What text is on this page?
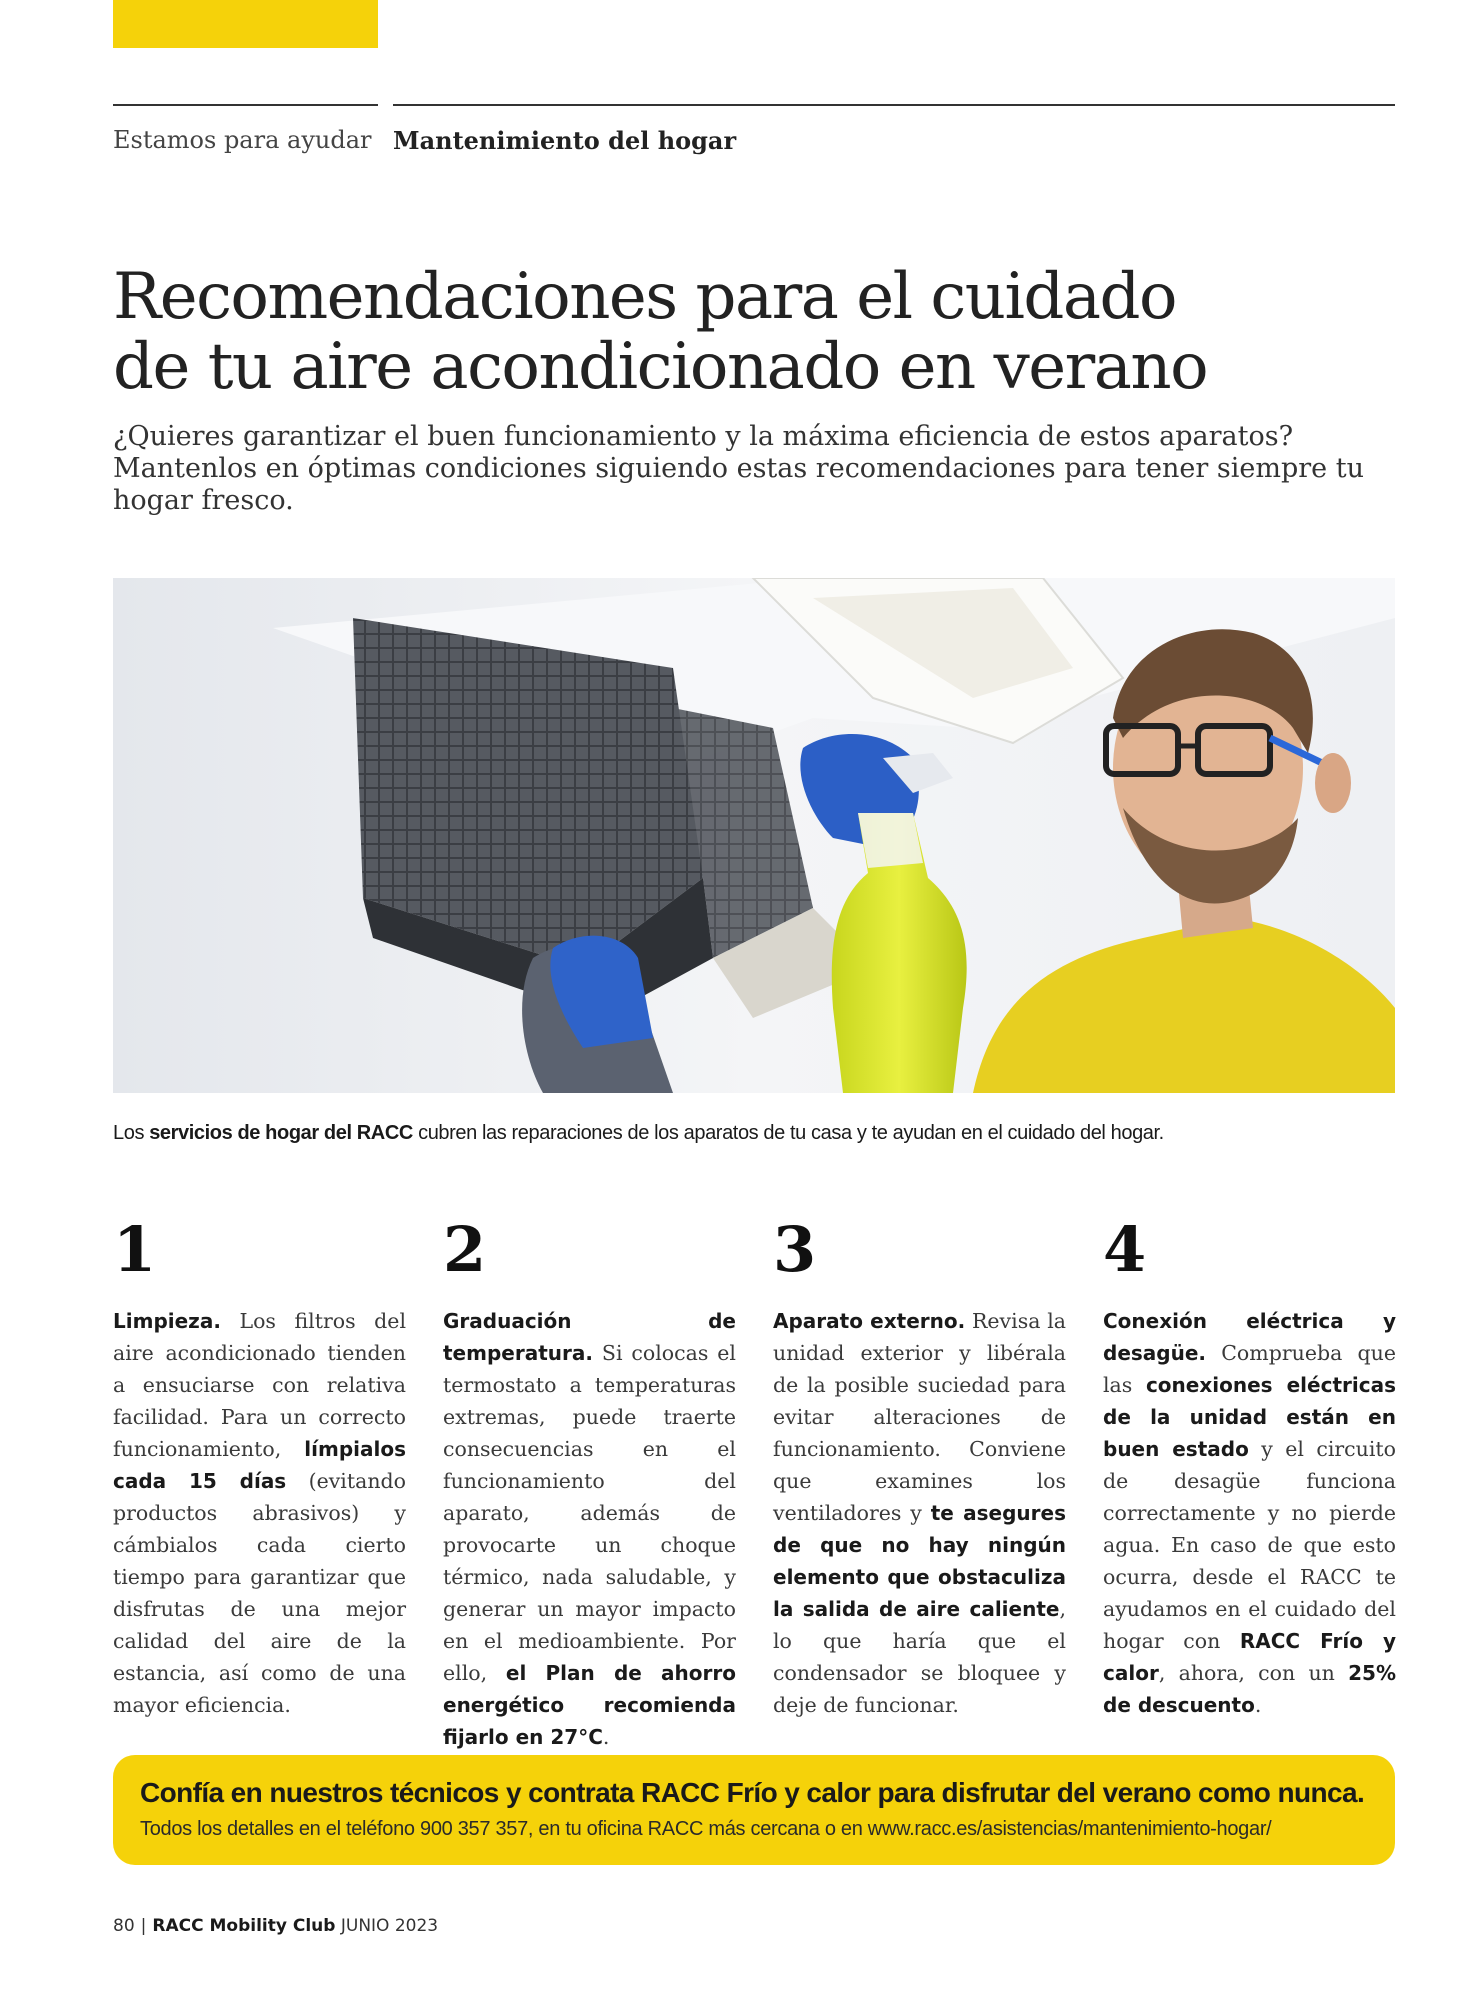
Estamos para ayudar Mantenimiento del hogar
Recomendaciones para el cuidado
de tu aire acondicionado en verano

¿Quieres garantizar el buen funcionamiento y la máxima eficiencia de estos aparatos? Mantenlos en óptimas condiciones siguiendo estas recomendaciones para tener siempre tu hogar fresco.

Los servicios de hogar del RACC cubren las reparaciones de los aparatos de tu casa y te ayudan en el cuidado del hogar.
1
Limpieza. Los filtros del aire acondicionado tienden a ensuciarse con relativa facilidad. Para un correcto funcionamiento, límpialos cada 15 días (evitando productos abrasivos) y cámbialos cada cierto tiempo para garantizar que disfrutas de una mejor calidad del aire de la estancia, así como de una mayor eficiencia.
2
Graduación de temperatura. Si colocas el termostato a temperaturas extremas, puede traerte consecuencias en el funcionamiento del aparato, además de provocarte un choque térmico, nada saludable, y generar un mayor impacto en el medioambiente. Por ello, el Plan de ahorro energético recomienda fijarlo en 27°C.
3
Aparato externo. Revisa la unidad exterior y libérala de la posible suciedad para evitar alteraciones de funcionamiento. Conviene que examines los ventiladores y te asegures de que no hay ningún elemento que obstaculiza la salida de aire caliente, lo que haría que el condensador se bloquee y deje de funcionar.
4
Conexión eléctrica y desagüe. Comprueba que las conexiones eléctricas de la unidad están en buen estado y el circuito de desagüe funciona correctamente y no pierde agua. En caso de que esto ocurra, desde el RACC te ayudamos en el cuidado del hogar con RACC Frío y calor, ahora, con un 25% de descuento.
Confía en nuestros técnicos y contrata RACC Frío y calor para disfrutar del verano como nunca.
Todos los detalles en el teléfono 900 357 357, en tu oficina RACC más cercana o en www.racc.es/asistencias/mantenimiento-hogar/
80 | RACC Mobility Club JUNIO 2023
